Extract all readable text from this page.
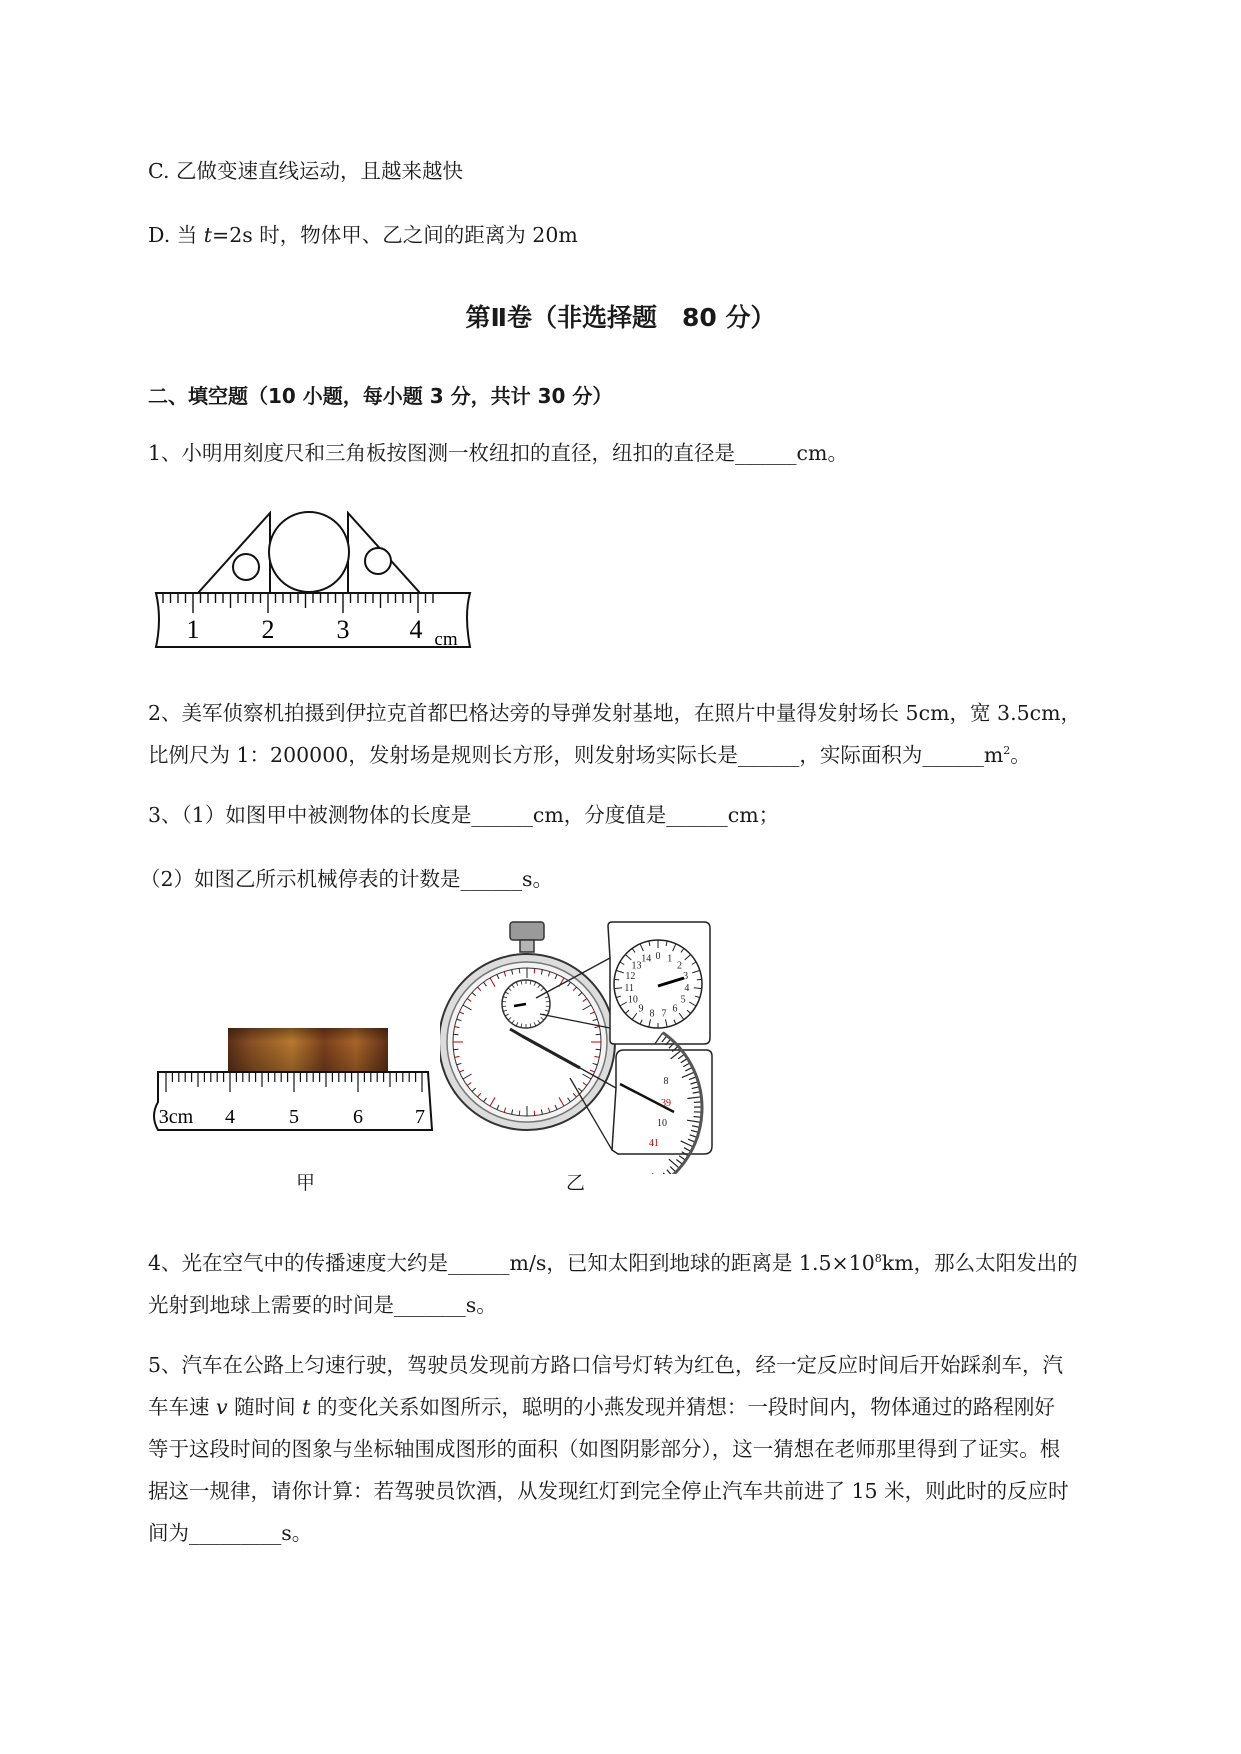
C. 乙做变速直线运动，且越来越快
D. 当 t=2s 时，物体甲、乙之间的距离为 20m
第Ⅱ卷（非选择题　80 分）
二、填空题（10 小题，每小题 3 分，共计 30 分）
1、小明用刻度尺和三角板按图测一枚纽扣的直径，纽扣的直径是______cm。
1 2 3 4 cm
2、美军侦察机拍摄到伊拉克首都巴格达旁的导弹发射基地，在照片中量得发射场长 5cm，宽 3.5cm，
比例尺为 1：200000，发射场是规则长方形，则发射场实际长是______，实际面积为$\_\_\_\_\_\_m^2$。
3、（1）如图甲中被测物体的长度是______cm，分度值是______cm；
（2）如图乙所示机械停表的计数是______s。
3cm 4	5	6	7
14 0 1
2
3
4
5
6
7
8
9
10
11
12
13
8
39
10
41
甲	乙
4、光在空气中的传播速度大约是______m/s，已知太阳到地球的距离是 $1.5\times 10^8km$，那么太阳发出的
光射到地球上需要的时间是_______s。
5、汽车在公路上匀速行驶，驾驶员发现前方路口信号灯转为红色，经一定反应时间后开始踩刹车，汽
车车速 v 随时间 t 的变化关系如图所示，聪明的小燕发现并猜想：一段时间内，物体通过的路程刚好
等于这段时间的图象与坐标轴围成图形的面积（如图阴影部分），这一猜想在老师那里得到了证实。根
据这一规律，请你计算：若驾驶员饮酒，从发现红灯到完全停止汽车共前进了 15 米，则此时的反应时
间为_________s。
